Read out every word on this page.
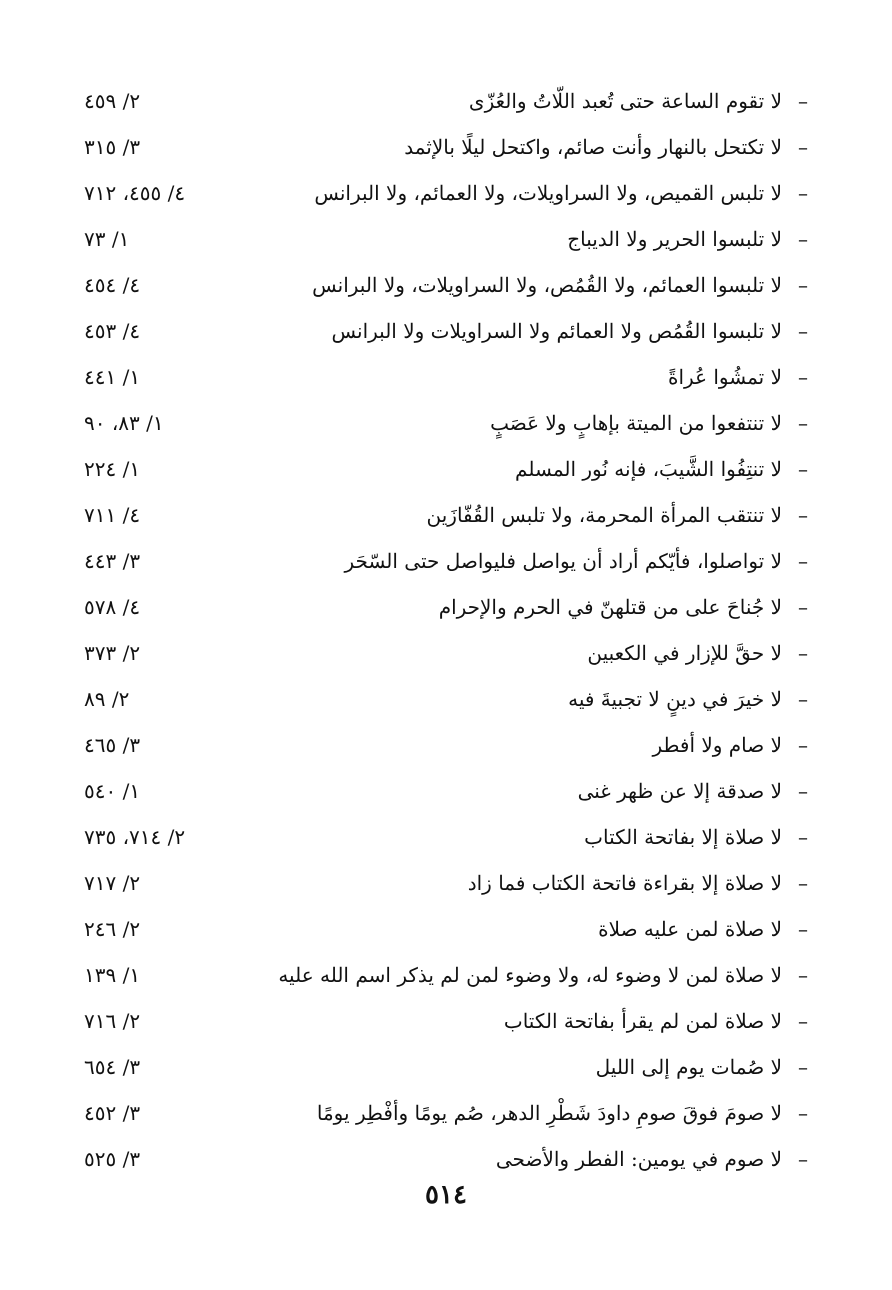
–
لا تقوم الساعة حتى تُعبد اللّاتُ والعُزّى
٢/ ٤٥٩
–
لا تكتحل بالنهار وأنت صائم، واكتحل ليلًا بالإثمد
٣/ ٣١٥
–
لا تلبس القميص، ولا السراويلات، ولا العمائم، ولا البرانس
٤/ ٤٥٥، ٧١٢
–
لا تلبسوا الحرير ولا الديباج
١/ ٧٣
–
لا تلبسوا العمائم، ولا القُمُص، ولا السراويلات، ولا البرانس
٤/ ٤٥٤
–
لا تلبسوا القُمُص ولا العمائم ولا السراويلات ولا البرانس
٤/ ٤٥٣
–
لا تمشُوا عُراةً
١/ ٤٤١
–
لا تنتفعوا من الميتة بإهابٍ ولا عَصَبٍ
١/ ٨٣، ٩٠
–
لا تنتِفُوا الشَّيبَ، فإنه نُور المسلم
١/ ٢٢٤
–
لا تنتقب المرأة المحرمة، ولا تلبس القُفّازَين
٤/ ٧١١
–
لا تواصلوا، فأيّكم أراد أن يواصل فليواصل حتى السّحَر
٣/ ٤٤٣
–
لا جُناحَ على من قتلهنّ في الحرم والإحرام
٤/ ٥٧٨
–
لا حقَّ للإزار في الكعبين
٢/ ٣٧٣
–
لا خيرَ في دينٍ لا تجبيةَ فيه
٢/ ٨٩
–
لا صام ولا أفطر
٣/ ٤٦٥
–
لا صدقة إلا عن ظهر غنى
١/ ٥٤٠
–
لا صلاة إلا بفاتحة الكتاب
٢/ ٧١٤، ٧٣٥
–
لا صلاة إلا بقراءة فاتحة الكتاب فما زاد
٢/ ٧١٧
–
لا صلاة لمن عليه صلاة
٢/ ٢٤٦
–
لا صلاة لمن لا وضوء له، ولا وضوء لمن لم يذكر اسم الله عليه
١/ ١٣٩
–
لا صلاة لمن لم يقرأ بفاتحة الكتاب
٢/ ٧١٦
–
لا صُمات يوم إلى الليل
٣/ ٦٥٤
–
لا صومَ فوقَ صومِ داودَ شَطْرِ الدهر، صُم يومًا وأفْطِر يومًا
٣/ ٤٥٢
–
لا صوم في يومين: الفطر والأضحى
٣/ ٥٢٥
٥١٤
